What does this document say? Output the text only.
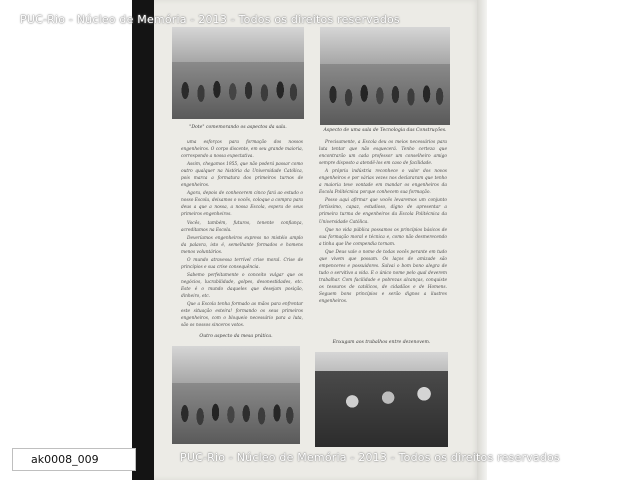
"Dote" comemorando os aspectos da sala.
Aspecto de uma sala de Tecnologia das Construções.

uma esforços para formação dos nossos engenheiros. O corpo discente, em seu grande maioria, correspondo a nossa expectativa.

Assim, chegamos 1955, que não poderá passar como outro qualquer na história da Universidade Católica, pois marca a formatura dos primeiros turnos de engenheiros.

Agora, depois de conhecerem cinco fará ao estudo o nosso Escola, deixamos o vocês, coloque a compra para deus a que a nossa, a nossa Escola, espera de seus primeiros engenheiros.

Vocês, também, futuros, tenente confiança, acreditamos na Escola.

Deveríamos engenheiros express no mistéio amplo da palavra, isto é, semelhante formados e homens menos voluntários.

O mundo atravessa terrível crise moral. Crise de princípios e sua crise consequência.

Sabemo perfeitamente o conceito vulgar que os negócios, lucrabilidade, golpes, desonestidades, etc. Este é o mundo daqueles que desejam posição, dinheiro, etc.

Que a Escola tenha formado as mãos para enfrentar este situação esteira! formando os seus primeiros engenheiros, com o bloqueio necessário para a luta, são os nossos sinceros votos.

Precisamente, a Escola deu os meios necessários para luta tentar que não esquecerá. Tenho certeza que encontrarão um cada professor um conselheiro amigo sempre disposto a atendê-los em caso de facilidade.

A própria indústria reconhece o valor dos novos engenheiros e por várias vezes nos declararam que tenho a maioria teve vontade em mandar os engenheiros da Escola Politécnica porque conhecem sua formação.

Posso aqui afirmar que vocês levaremos um conjunto fortíssimo, capaz, estudioso, digno de apresentar a primeira turma de engenheiros da Escola Politécnica da Universidade Católica.

Que no vida pública possamos os princípios básicos de sua formação moral e técnica e, como não desmerecendo a tinha que lhe compendia tornam.

Que Deus vale o nome de todas vocês perante em tudo que vivem que possam. Os laços de amizade são empenceres e possuidores. Salvai o bom bono alegra de tudo o servitivo a vida. E o único nome pelo qual deverem trabalhar. Com facilidade e pobrezas alcanças, conquiste os tesouros de católicos, de cidadãos e de Homens. Seguem bons princípios e serão dignos a ilustres engenheiros.

Outro aspecto da mesa prática.
Enxugam aos trabalhos entre dezenovem.
PUC-Rio - Núcleo de Memória - 2013 - Todos os direitos reservados
PUC-Rio - Núcleo de Memória - 2013 - Todos os direitos reservados
ak0008_009
